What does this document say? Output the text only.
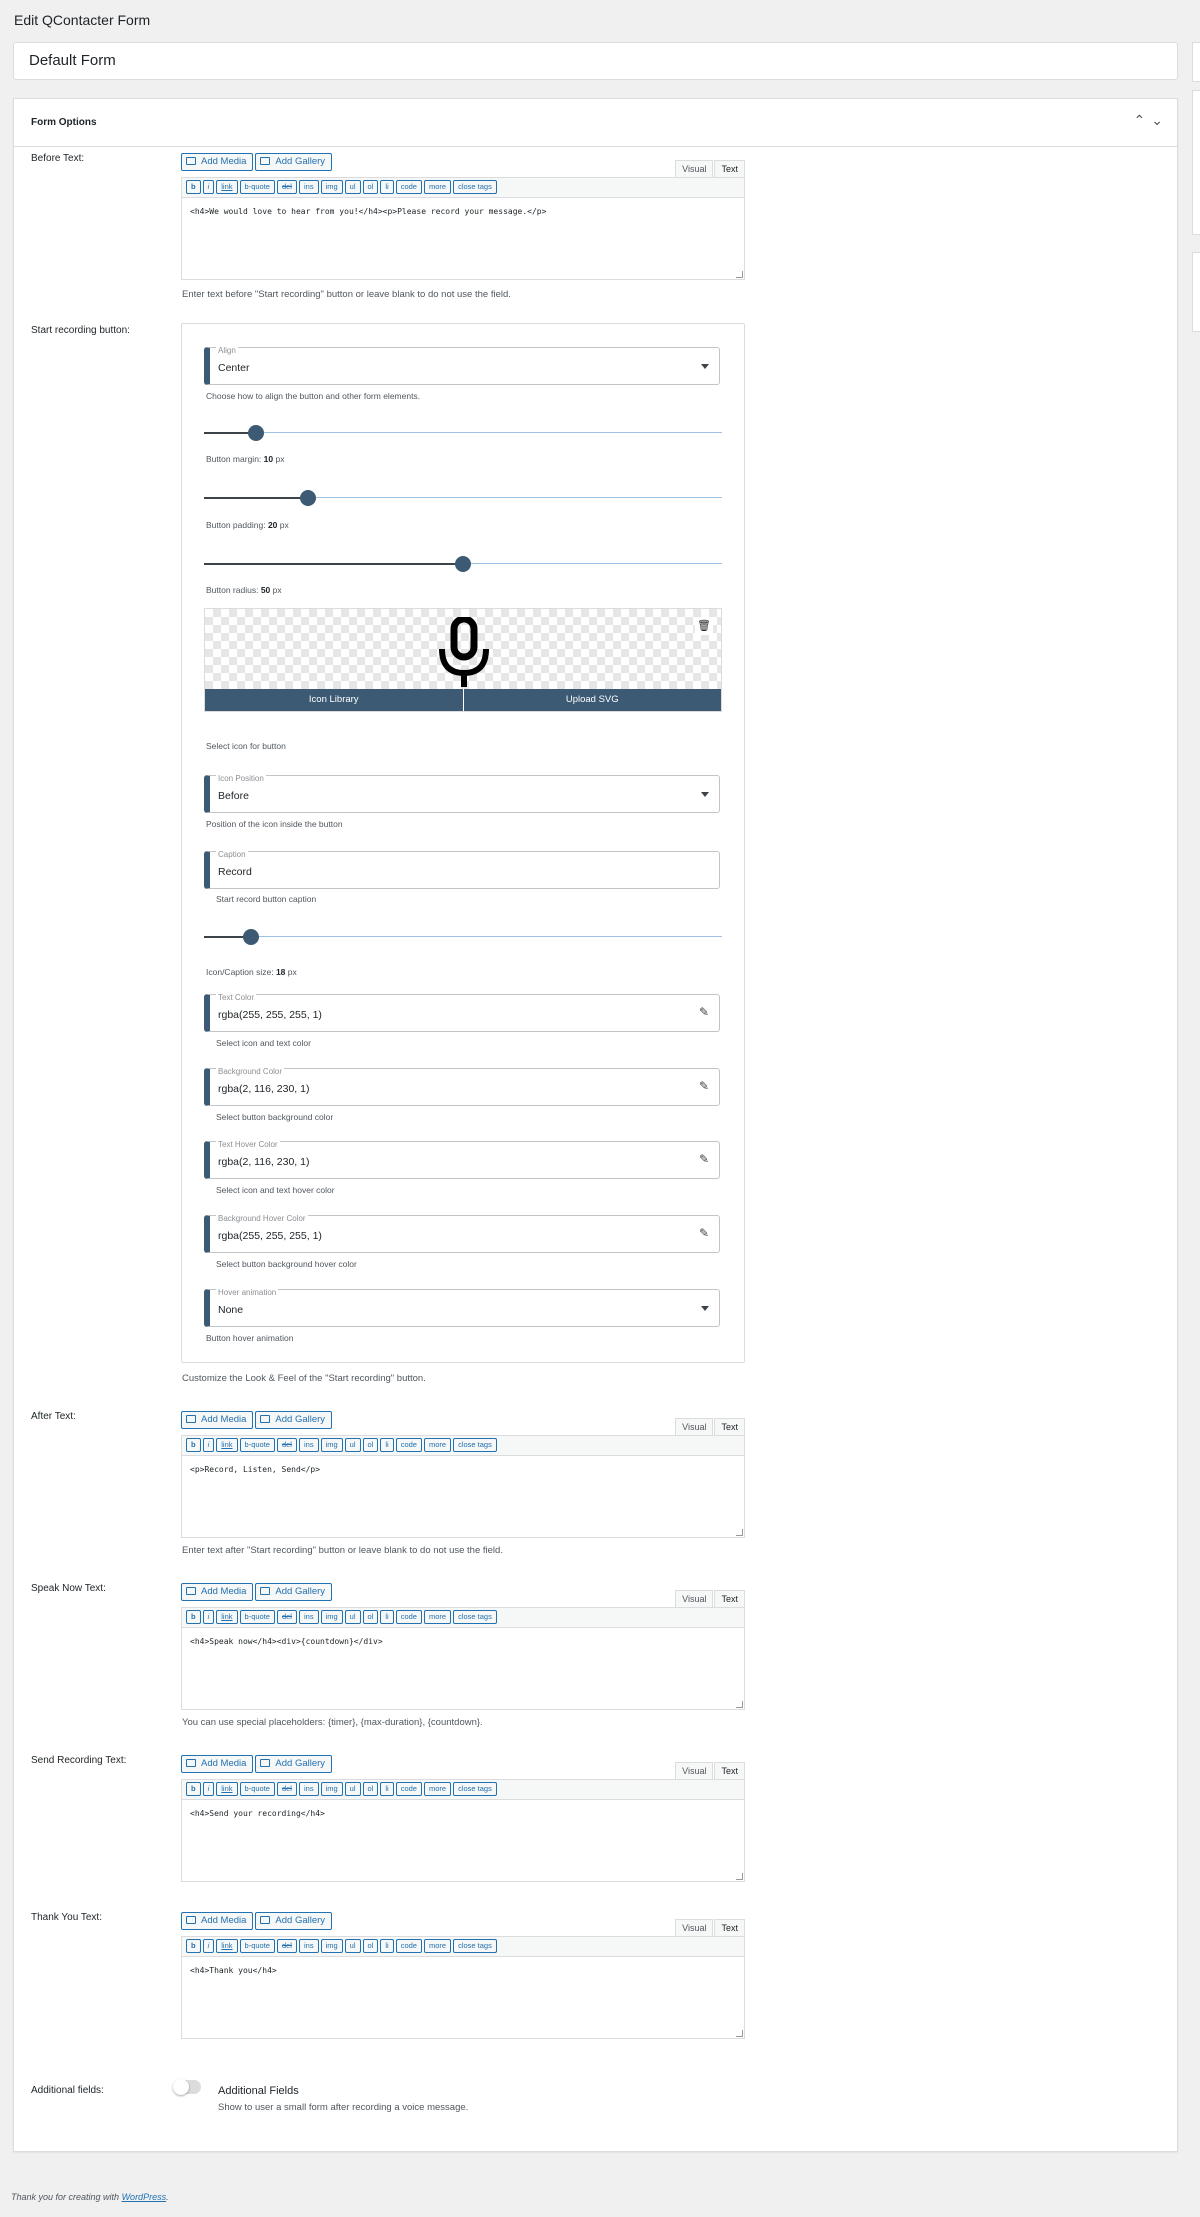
Edit QContacter Form
Default Form
Form Options	⌃⌄
Before Text:	Add Media	Add Gallery
Visual Text
b i link b-quote del ins img ul ol li code more close tags
<h4>We would love to hear from you!</h4><p>Please record your message.</p>
Enter text before "Start recording" button or leave blank to do not use the field.
Start recording button:
Align
Center
Choose how to align the button and other form elements.
Button margin: 10 px
Button padding: 20 px
Button radius: 50 px
🗑
Icon Library	Upload SVG
Select icon for button
Icon Position
Before
Position of the icon inside the button
Caption
Record
Start record button caption
Icon/Caption size: 18 px
Text Color
rgba(255, 255, 255, 1)	✎
Select icon and text color
Background Color
rgba(2, 116, 230, 1)	✎
Select button background color
Text Hover Color
rgba(2, 116, 230, 1)	✎
Select icon and text hover color
Background Hover Color
rgba(255, 255, 255, 1)	✎
Select button background hover color
Hover animation
None
Button hover animation
Customize the Look & Feel of the "Start recording" button.
After Text:	Add Media	Add Gallery
Visual Text
b i link b-quote del ins img ul ol li code more close tags
<p>Record, Listen, Send</p>
Enter text after "Start recording" button or leave blank to do not use the field.
Speak Now Text:	Add Media	Add Gallery
Visual Text
b i link b-quote del ins img ul ol li code more close tags
<h4>Speak now</h4><div>{countdown}</div>
You can use special placeholders: {timer}, {max-duration}, {countdown}.
Send Recording Text:	Add Media	Add Gallery
Visual Text
b i link b-quote del ins img ul ol li code more close tags
<h4>Send your recording</h4>
Thank You Text:	Add Media	Add Gallery
Visual Text
b i link b-quote del ins img ul ol li code more close tags
<h4>Thank you</h4>
Additional fields:	Additional Fields
Show to user a small form after recording a voice message.
Thank you for creating with WordPress.
